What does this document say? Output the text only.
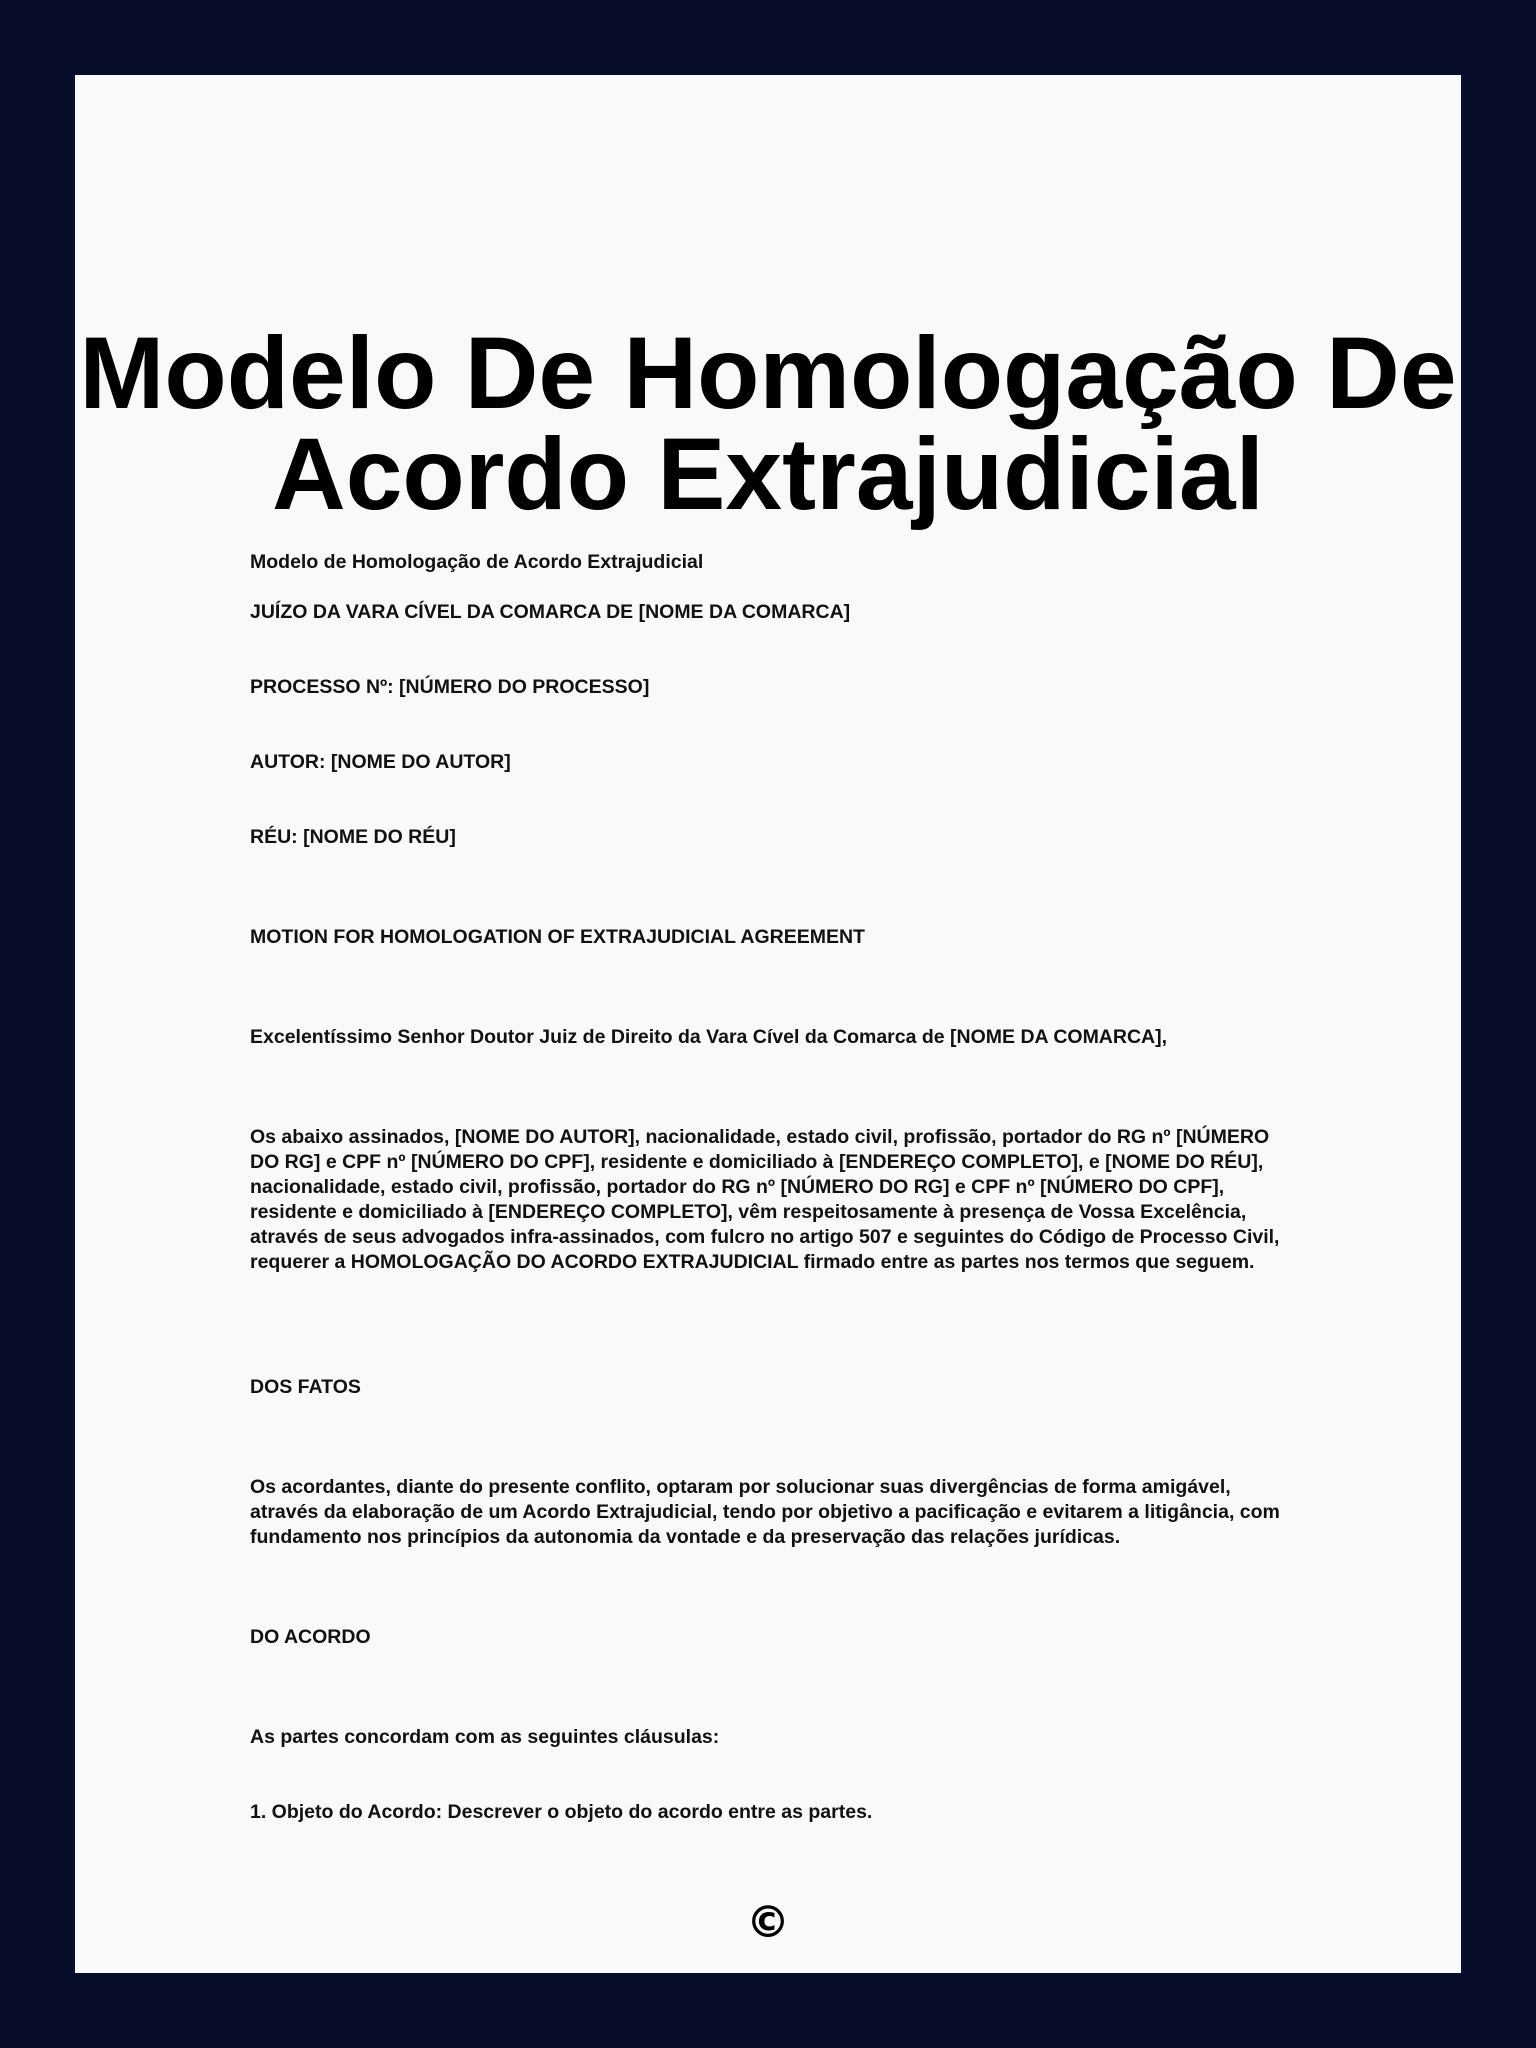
Modelo De Homologação De Acordo Extrajudicial

Modelo de Homologação de Acordo Extrajudicial

JUÍZO DA VARA CÍVEL DA COMARCA DE [NOME DA COMARCA]

PROCESSO Nº: [NÚMERO DO PROCESSO]

AUTOR: [NOME DO AUTOR]

RÉU: [NOME DO RÉU]

MOTION FOR HOMOLOGATION OF EXTRAJUDICIAL AGREEMENT

Excelentíssimo Senhor Doutor Juiz de Direito da Vara Cível da Comarca de [NOME DA COMARCA],

Os abaixo assinados, [NOME DO AUTOR], nacionalidade, estado civil, profissão, portador do RG nº [NÚMERO DO RG] e CPF nº [NÚMERO DO CPF], residente e domiciliado à [ENDEREÇO COMPLETO], e [NOME DO RÉU], nacionalidade, estado civil, profissão, portador do RG nº [NÚMERO DO RG] e CPF nº [NÚMERO DO CPF], residente e domiciliado à [ENDEREÇO COMPLETO], vêm respeitosamente à presença de Vossa Excelência, através de seus advogados infra-assinados, com fulcro no artigo 507 e seguintes do Código de Processo Civil, requerer a HOMOLOGAÇÃO DO ACORDO EXTRAJUDICIAL firmado entre as partes nos termos que seguem.

DOS FATOS

Os acordantes, diante do presente conflito, optaram por solucionar suas divergências de forma amigável, através da elaboração de um Acordo Extrajudicial, tendo por objetivo a pacificação e evitarem a litigância, com fundamento nos princípios da autonomia da vontade e da preservação das relações jurídicas.

DO ACORDO

As partes concordam com as seguintes cláusulas:

1. Objeto do Acordo: Descrever o objeto do acordo entre as partes.

©
